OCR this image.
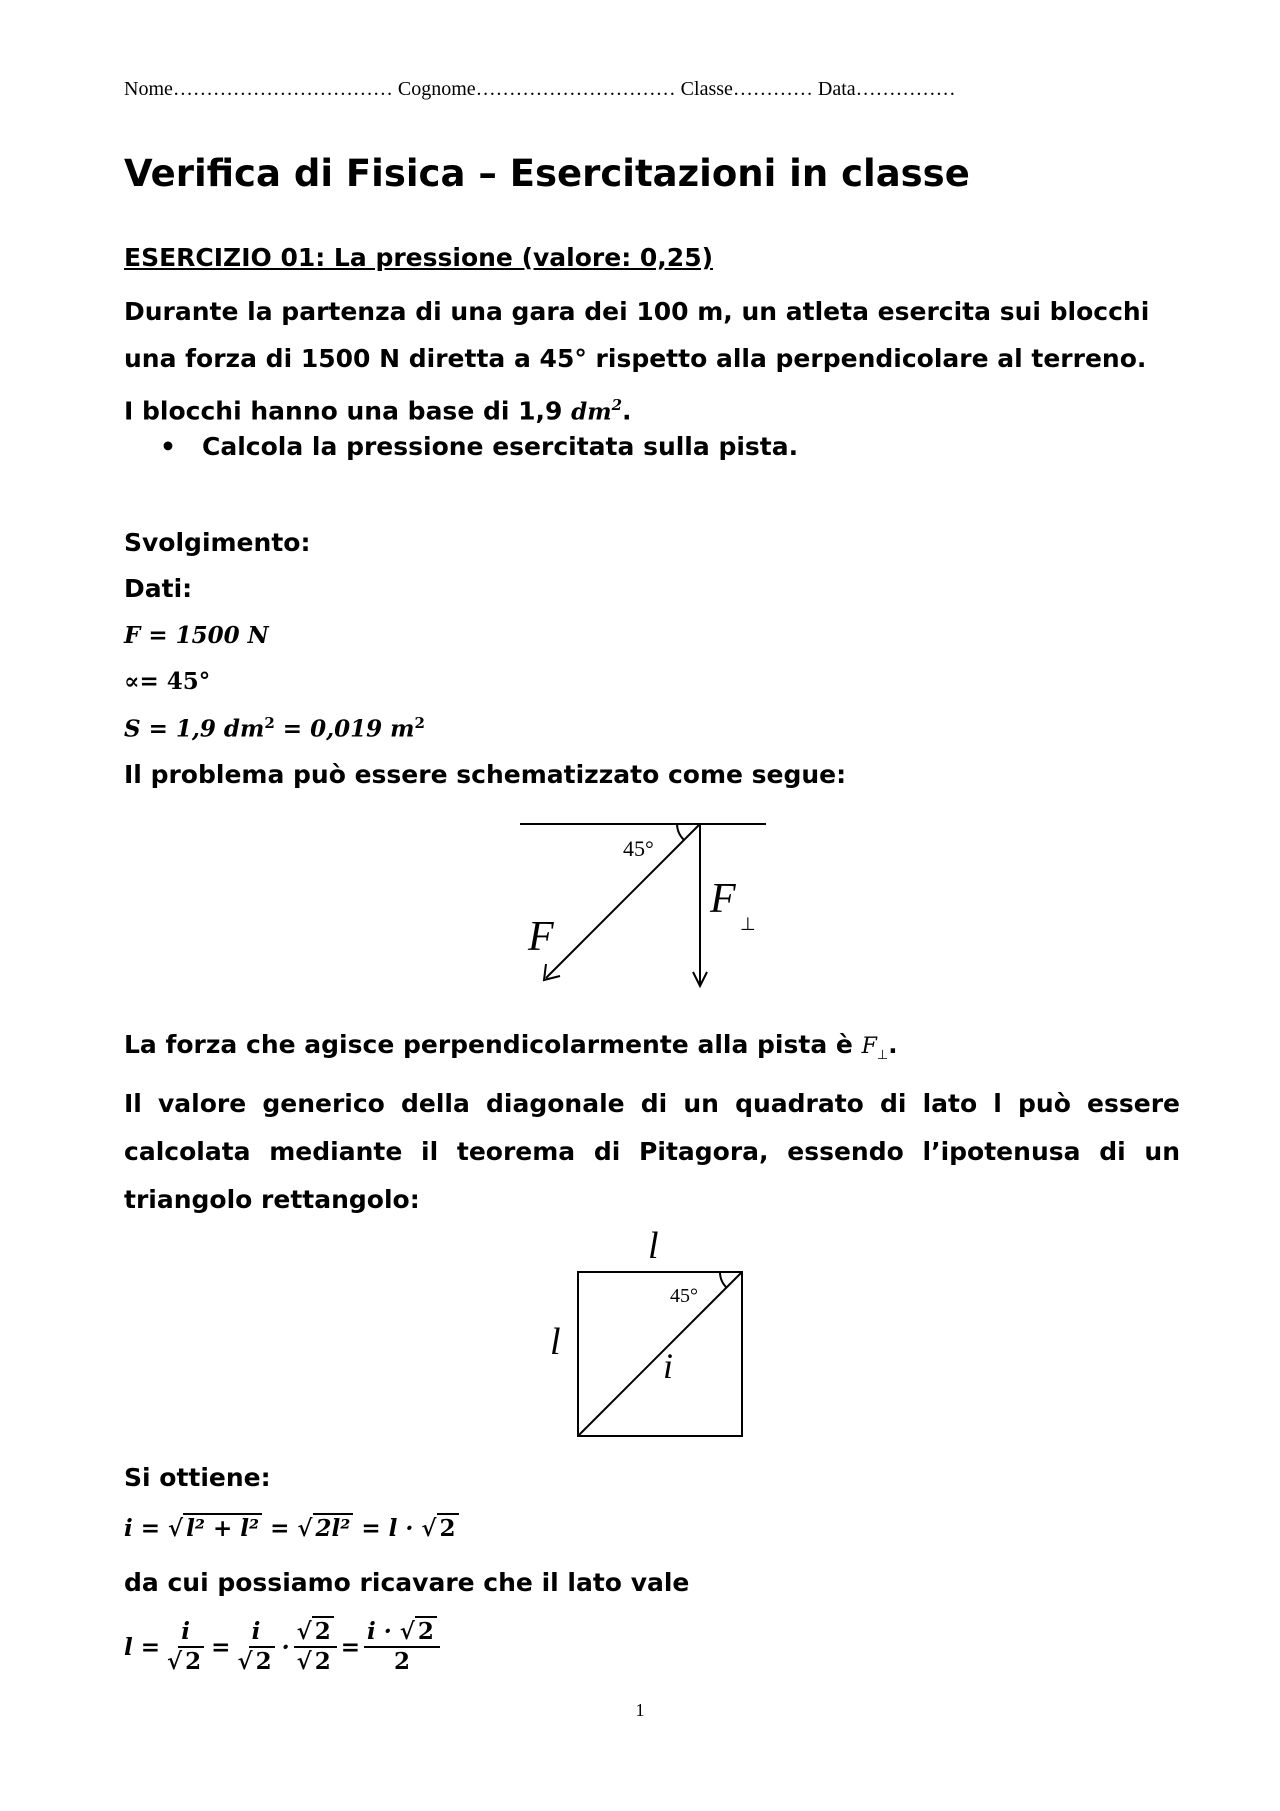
Nome…………………………… Cognome………………………… Classe………… Data……………
Verifica di Fisica – Esercitazioni in classe
ESERCIZIO 01: La pressione (valore: 0,25)
Durante la partenza di una gara dei 100 m, un atleta esercita sui blocchi
una forza di 1500 N diretta a 45° rispetto alla perpendicolare al terreno.
I blocchi hanno una base di 1,9 $dm^2$.
• Calcola la pressione esercitata sulla pista.
Svolgimento:
Dati:
F = 1500 N
∝= 45°
S = 1,9 $dm^2 = 0,019$ $m^2$
Il problema può essere schematizzato come segue:
45°
F
F
⊥
La forza che agisce perpendicolarmente alla pista è $F_\perp$.
Il valore generico della diagonale di un quadrato di lato l può essere
calcolata mediante il teorema di Pitagora, essendo l’ipotenusa di un
triangolo rettangolo:
l
l
45°
i
Si ottiene:
i = √ l² + l² = √ 2l² = l · √ 2
da cui possiamo ricavare che il lato vale
$l = \frac{i}{√ 2} = \frac{i}{√ 2} \cdot \frac{√ 2}{√ 2} = \frac{i \cdot √ 2}{2}$
1
